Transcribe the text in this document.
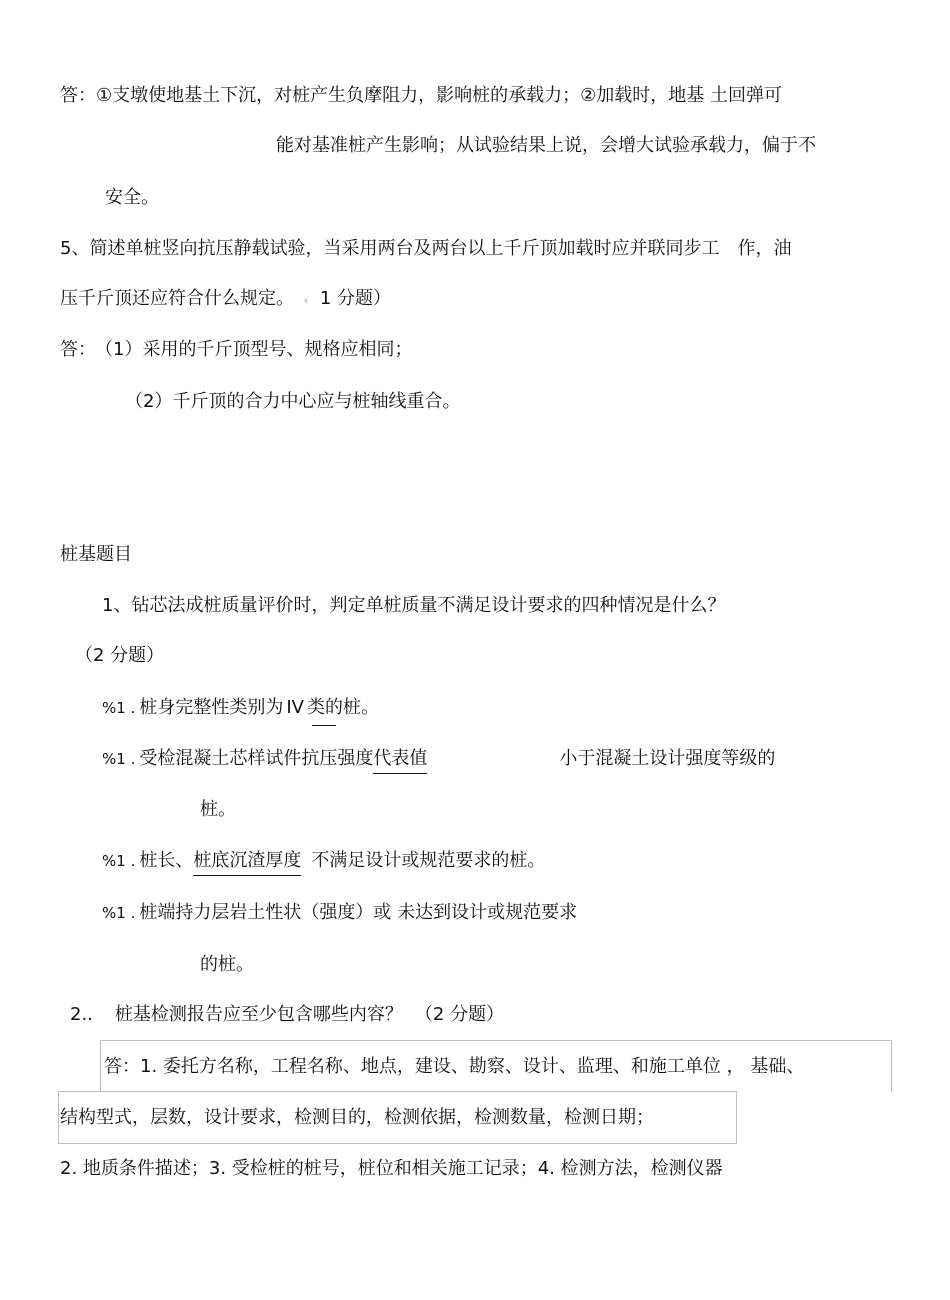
答：①支墩使地基土下沉，对桩产生负摩阻力，影响桩的承载力；②加载时，地基 土回弹可
能对基准桩产生影响；从试验结果上说，会增大试验承载力，偏于不
安全。
5、简述单桩竖向抗压静载试验，当采用两台及两台以上千斤顶加载时应并联同步工　作，油
压千斤顶还应符合什么规定。 ‹ 1 分题）
答： （1）采用的千斤顶型号、规格应相同；
（2）千斤顶的合力中心应与桩轴线重合。
桩基题目
1、钻芯法成桩质量评价时，判定单桩质量不满足设计要求的四种情况是什么？
（2 分题）
%1 . 桩身完整性类别为 IV 类的桩。
%1 . 受检混凝土芯样试件抗压强度代表值	小于混凝土设计强度等级的
桩。
%1 . 桩长、桩底沉渣厚度 不满足设计或规范要求的桩。
%1 . 桩端持力层岩土性状（强度）或 未达到设计或规范要求
的桩。
2.. 桩基检测报告应至少包含哪些内容？ （2 分题）
答：1. 委托方名称，工程名称、地点，建设、勘察、设计、监理、和施工单位 ， 基础、
结构型式，层数，设计要求，检测目的，检测依据，检测数量，检测日期；
2. 地质条件描述；3. 受检桩的桩号，桩位和相关施工记录；4. 检测方法，检测仪器
